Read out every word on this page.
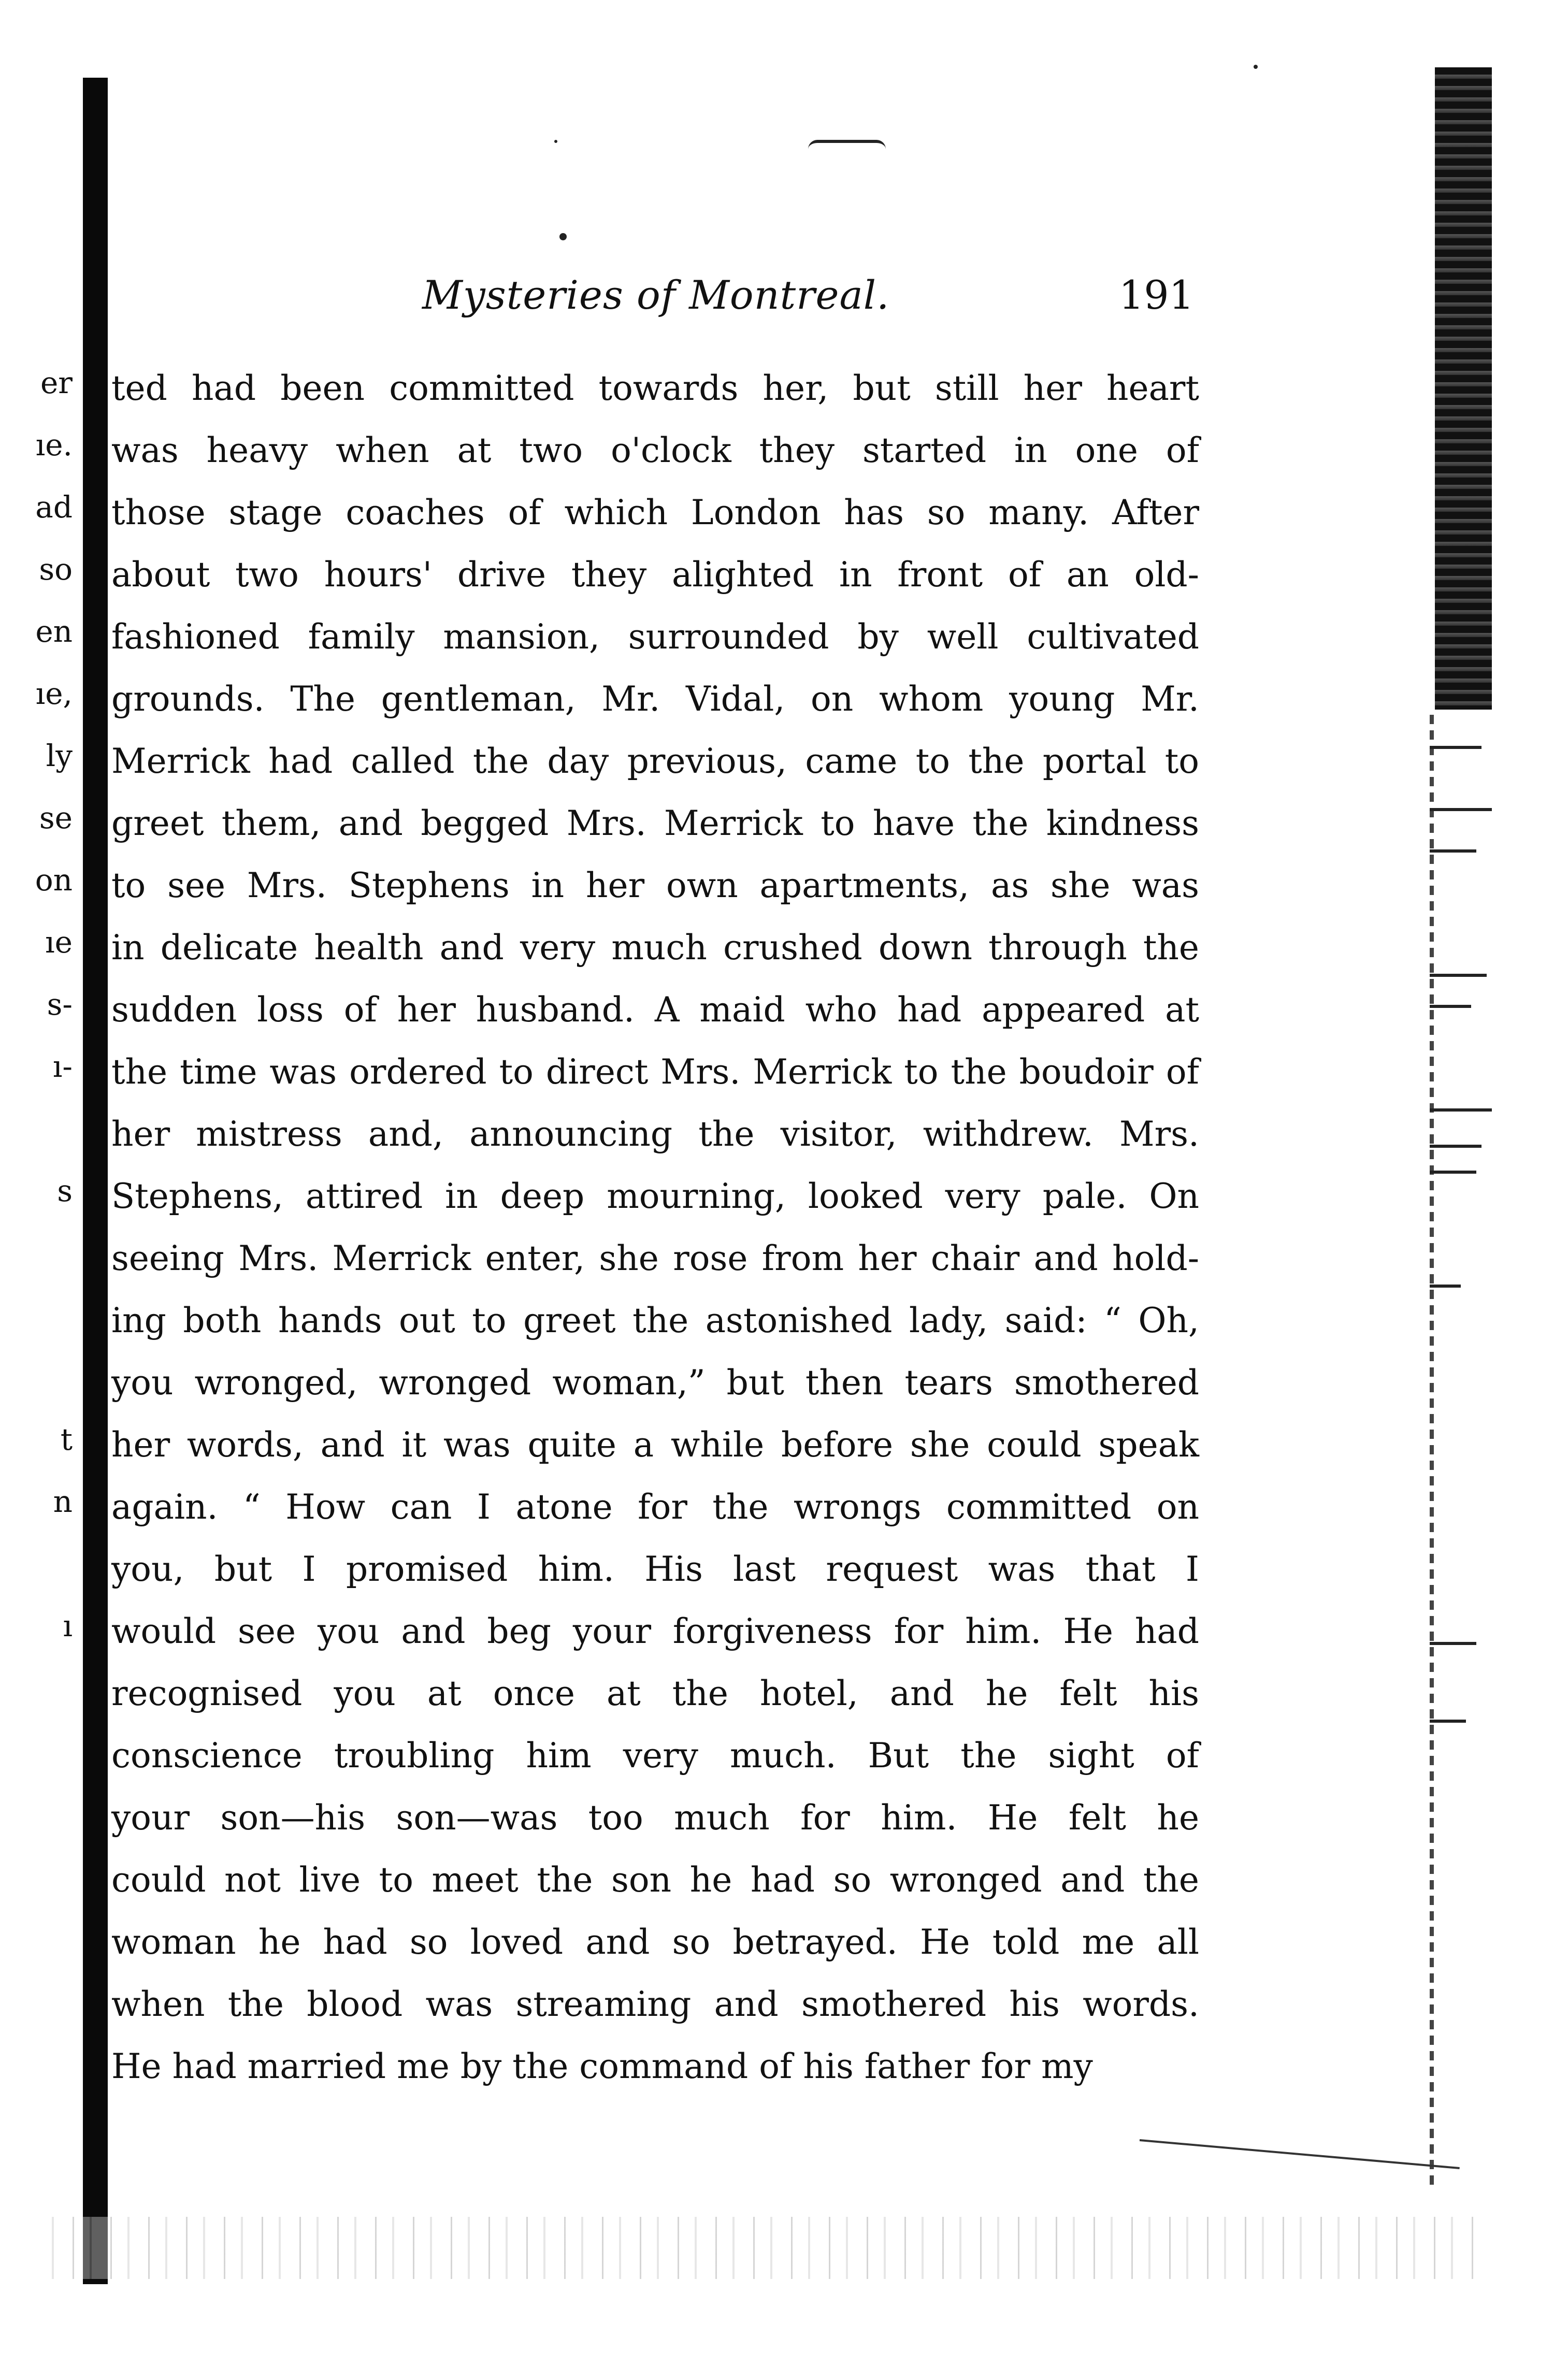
er
ıe.
ad
so
en
ıe,
ly
se
on
ıe
s-
ı-
s
t
n
ı
Mysteries of Montreal.	191
ted had been committed towards her, but still her heart
was heavy when at two o'clock they started in one of
those stage coaches of which London has so many. After
about two hours' drive they alighted in front of an old-
fashioned family mansion, surrounded by well cultivated
grounds. The gentleman, Mr. Vidal, on whom young Mr.
Merrick had called the day previous, came to the portal to
greet them, and begged Mrs. Merrick to have the kindness
to see Mrs. Stephens in her own apartments, as she was
in delicate health and very much crushed down through the
sudden loss of her husband. A maid who had appeared at
the time was ordered to direct Mrs. Merrick to the boudoir of
her mistress and, announcing the visitor, withdrew. Mrs.
Stephens, attired in deep mourning, looked very pale. On
seeing Mrs. Merrick enter, she rose from her chair and hold-
ing both hands out to greet the astonished lady, said: “ Oh,
you wronged, wronged woman,” but then tears smothered
her words, and it was quite a while before she could speak
again. “ How can I atone for the wrongs committed on
you, but I promised him. His last request was that I
would see you and beg your forgiveness for him. He had
recognised you at once at the hotel, and he felt his
conscience troubling him very much. But the sight of
your son—his son—was too much for him. He felt he
could not live to meet the son he had so wronged and the
woman he had so loved and so betrayed. He told me all
when the blood was streaming and smothered his words.
He had married me by the command of his father for my
